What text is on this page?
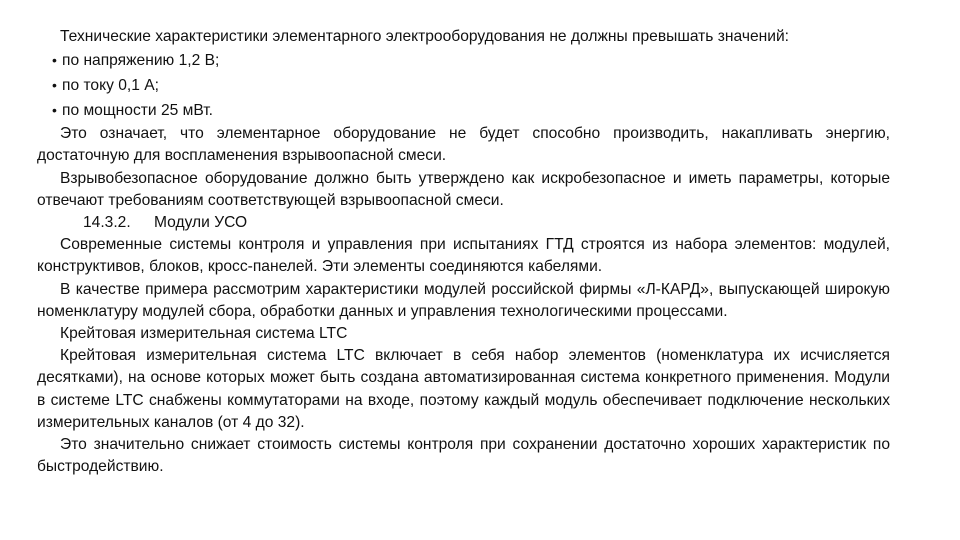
Технические характеристики элементарного электрооборудования не должны превышать значений:

• по напряжению 1,2 В;
• по току 0,1 А;
• по мощности 25 мВт.

Это означает, что элементарное оборудование не будет способно производить, накапливать энергию, достаточную для воспламенения взрывоопасной смеси.

Взрывобезопасное оборудование должно быть утверждено как искробезопасное и иметь параметры, которые отвечают требованиям соответствующей взрывоопасной смеси.

14.3.2. Модули УСО

Современные системы контроля и управления при испытаниях ГТД строятся из набора элементов: модулей, конструктивов, блоков, кросс-панелей. Эти элементы соединяются кабелями.

В качестве примера рассмотрим характеристики модулей российской фирмы «Л-КАРД», выпускающей широкую номенклатуру модулей сбора, обработки данных и управления технологическими процессами.

Крейтовая измерительная система LTC

Крейтовая измерительная система LTC включает в себя набор элементов (номенклатура их исчисляется десятками), на основе которых может быть создана автоматизированная система конкретного применения. Модули в системе LTC снабжены коммутаторами на входе, поэтому каждый модуль обеспечивает подключение нескольких измерительных каналов (от 4 до 32).

Это значительно снижает стоимость системы контроля при сохранении достаточно хороших характеристик по быстродействию.
